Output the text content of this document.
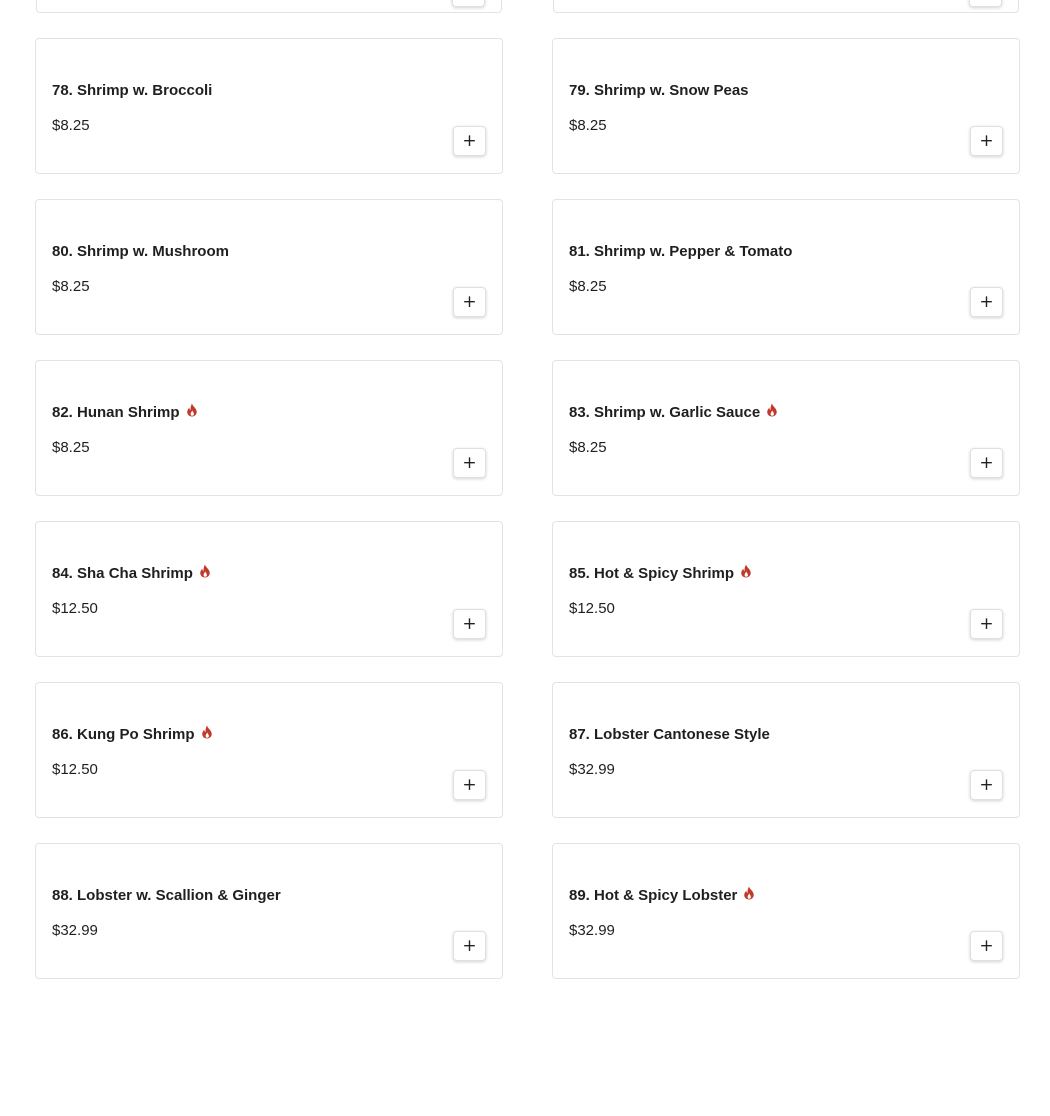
78. Shrimp w. Broccoli
$8.25
+
79. Shrimp w. Snow Peas
$8.25
+
80. Shrimp w. Mushroom
$8.25
+
81. Shrimp w. Pepper & Tomato
$8.25
+
82. Hunan Shrimp
$8.25
+
83. Shrimp w. Garlic Sauce
$8.25
+
84. Sha Cha Shrimp
$12.50
+
85. Hot & Spicy Shrimp
$12.50
+
86. Kung Po Shrimp
$12.50
+
87. Lobster Cantonese Style
$32.99
+
88. Lobster w. Scallion & Ginger
$32.99
+
89. Hot & Spicy Lobster
$32.99
+
